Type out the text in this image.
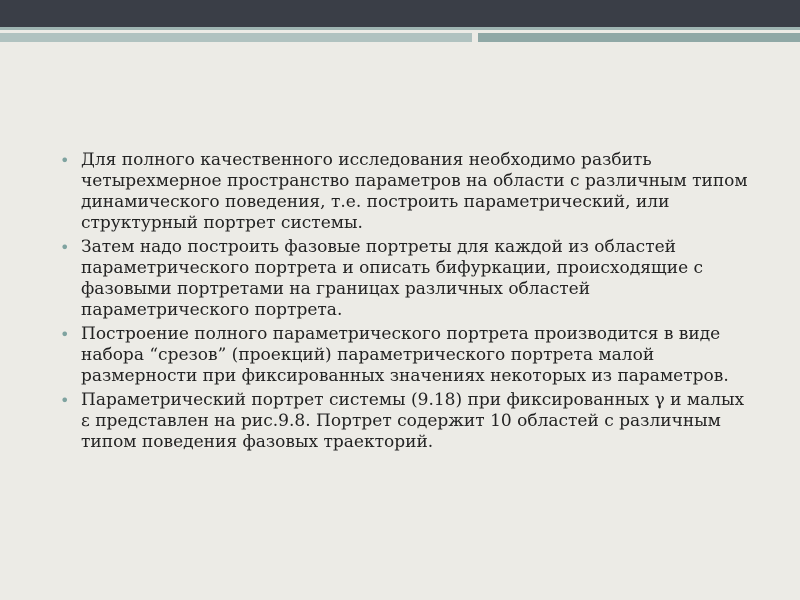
• Для полного качественного исследования необходимо разбить четырехмерное пространство параметров на области с различным типом динамического поведения, т.е. построить параметрический, или структурный портрет системы.
• Затем надо построить фазовые портреты для каждой из областей параметрического портрета и описать бифуркации, происходящие с фазовыми портретами на границах различных областей параметрического портрета.
• Построение полного параметрического портрета производится в виде набора “срезов” (проекций) параметрического портрета малой размерности при фиксированных значениях некоторых из параметров.
• Параметрический портрет системы (9.18) при фиксированных γ и малых ε представлен на рис.9.8. Портрет содержит 10 областей с различным типом поведения фазовых траекторий.
